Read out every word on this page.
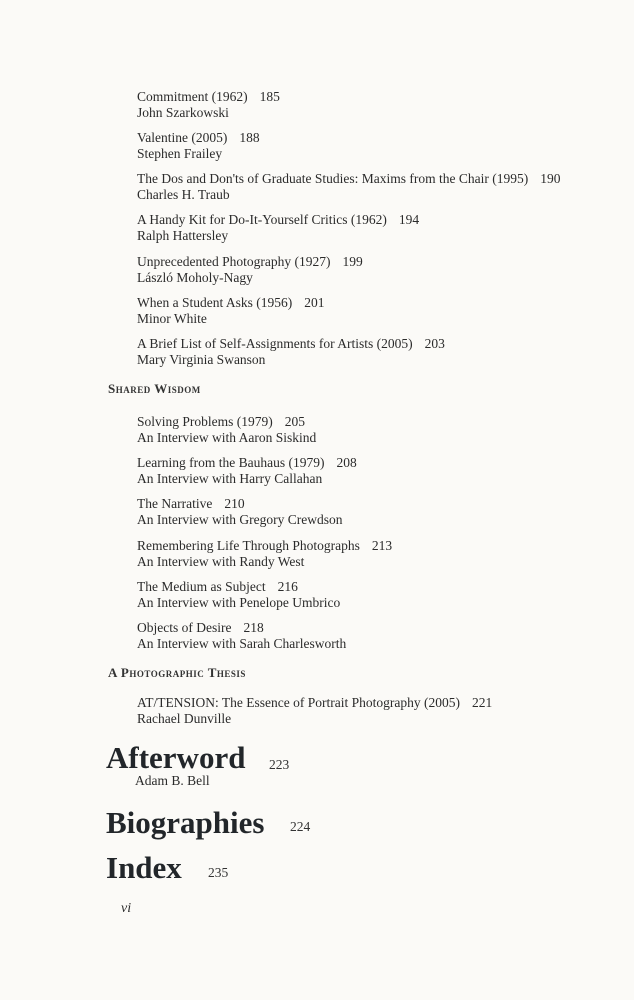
Commitment (1962) 185
John Szarkowski
Valentine (2005) 188
Stephen Frailey
The Dos and Don'ts of Graduate Studies: Maxims from the Chair (1995) 190
Charles H. Traub
A Handy Kit for Do-It-Yourself Critics (1962) 194
Ralph Hattersley
Unprecedented Photography (1927) 199
László Moholy-Nagy
When a Student Asks (1956) 201
Minor White
A Brief List of Self-Assignments for Artists (2005) 203
Mary Virginia Swanson
Shared Wisdom
Solving Problems (1979) 205
An Interview with Aaron Siskind
Learning from the Bauhaus (1979) 208
An Interview with Harry Callahan
The Narrative 210
An Interview with Gregory Crewdson
Remembering Life Through Photographs 213
An Interview with Randy West
The Medium as Subject 216
An Interview with Penelope Umbrico
Objects of Desire 218
An Interview with Sarah Charlesworth
A Photographic Thesis
AT/TENSION: The Essence of Portrait Photography (2005) 221
Rachael Dunville
Afterword 223
Adam B. Bell
Biographies 224
Index 235
vi
